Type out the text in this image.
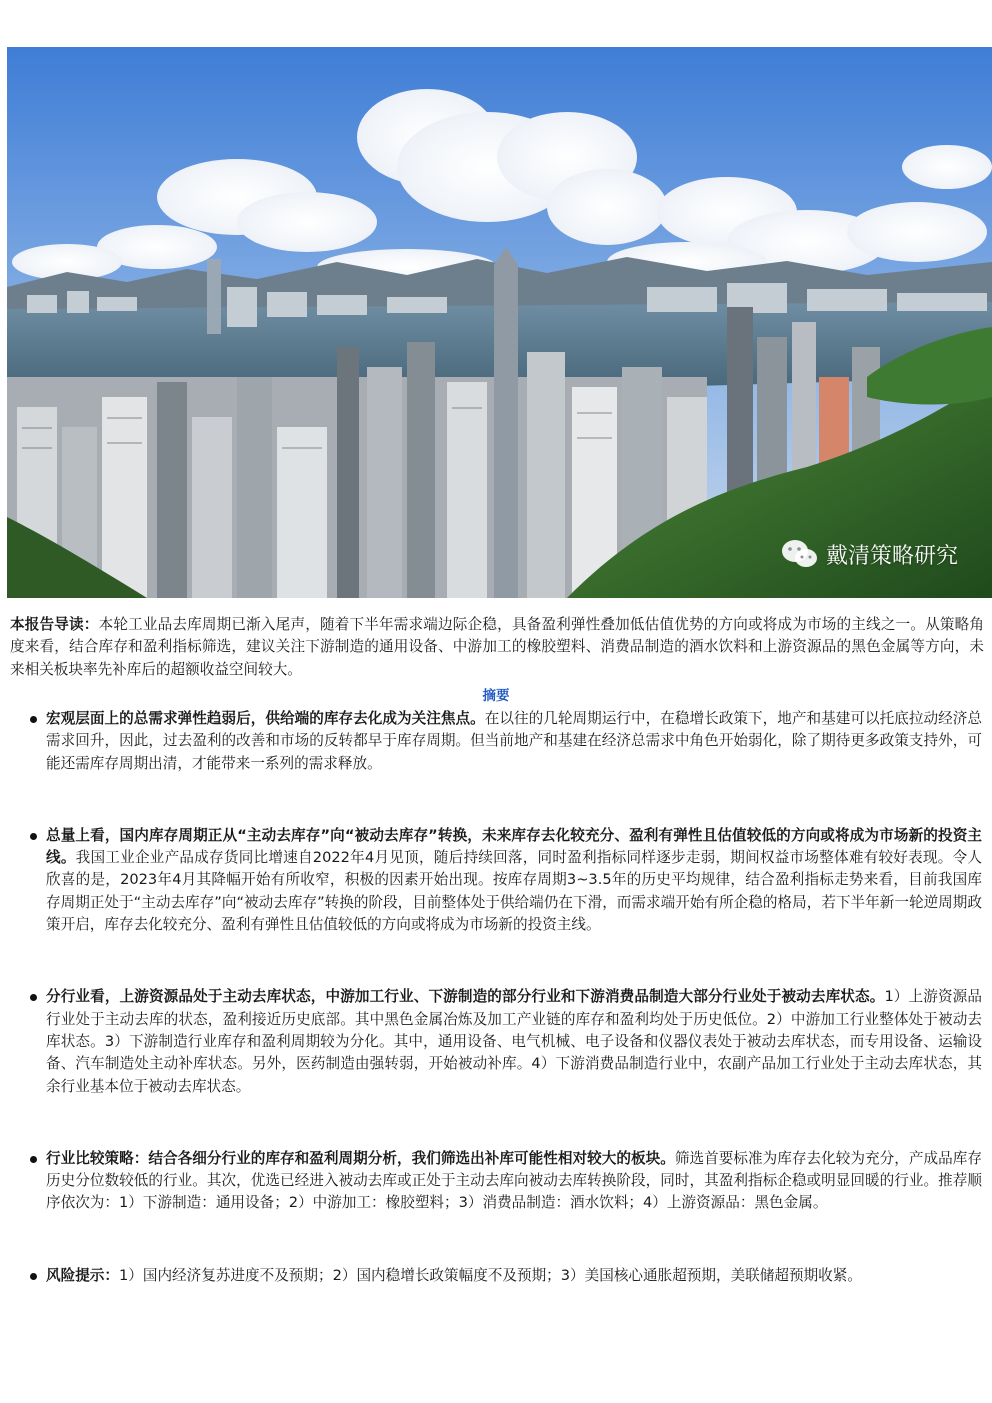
戴清策略研究
本报告导读：本轮工业品去库周期已渐入尾声，随着下半年需求端边际企稳，具备盈利弹性叠加低估值优势的方向或将成为市场的主线之一。从策略角度来看，结合库存和盈利指标筛选，建议关注下游制造的通用设备、中游加工的橡胶塑料、消费品制造的酒水饮料和上游资源品的黑色金属等方向，未来相关板块率先补库后的超额收益空间较大。
摘要
宏观层面上的总需求弹性趋弱后，供给端的库存去化成为关注焦点。在以往的几轮周期运行中，在稳增长政策下，地产和基建可以托底拉动经济总需求回升，因此，过去盈利的改善和市场的反转都早于库存周期。但当前地产和基建在经济总需求中角色开始弱化，除了期待更多政策支持外，可能还需库存周期出清，才能带来一系列的需求释放。
总量上看，国内库存周期正从“主动去库存”向“被动去库存”转换，未来库存去化较充分、盈利有弹性且估值较低的方向或将成为市场新的投资主线。我国工业企业产品成存货同比增速自2022年4月见顶，随后持续回落，同时盈利指标同样逐步走弱，期间权益市场整体难有较好表现。令人欣喜的是，2023年4月其降幅开始有所收窄，积极的因素开始出现。按库存周期3~3.5年的历史平均规律，结合盈利指标走势来看，目前我国库存周期正处于“主动去库存”向“被动去库存”转换的阶段，目前整体处于供给端仍在下滑，而需求端开始有所企稳的格局，若下半年新一轮逆周期政策开启，库存去化较充分、盈利有弹性且估值较低的方向或将成为市场新的投资主线。
分行业看，上游资源品处于主动去库状态，中游加工行业、下游制造的部分行业和下游消费品制造大部分行业处于被动去库状态。1）上游资源品行业处于主动去库的状态，盈利接近历史底部。其中黑色金属冶炼及加工产业链的库存和盈利均处于历史低位。2）中游加工行业整体处于被动去库状态。3）下游制造行业库存和盈利周期较为分化。其中，通用设备、电气机械、电子设备和仪器仪表处于被动去库状态，而专用设备、运输设备、汽车制造处主动补库状态。另外，医药制造由强转弱，开始被动补库。4）下游消费品制造行业中，农副产品加工行业处于主动去库状态，其余行业基本位于被动去库状态。
行业比较策略：结合各细分行业的库存和盈利周期分析，我们筛选出补库可能性相对较大的板块。筛选首要标准为库存去化较为充分，产成品库存历史分位数较低的行业。其次，优选已经进入被动去库或正处于主动去库向被动去库转换阶段，同时，其盈利指标企稳或明显回暖的行业。推荐顺序依次为：1）下游制造：通用设备；2）中游加工：橡胶塑料；3）消费品制造：酒水饮料；4）上游资源品：黑色金属。
风险提示：1）国内经济复苏进度不及预期；2）国内稳增长政策幅度不及预期；3）美国核心通胀超预期，美联储超预期收紧。
